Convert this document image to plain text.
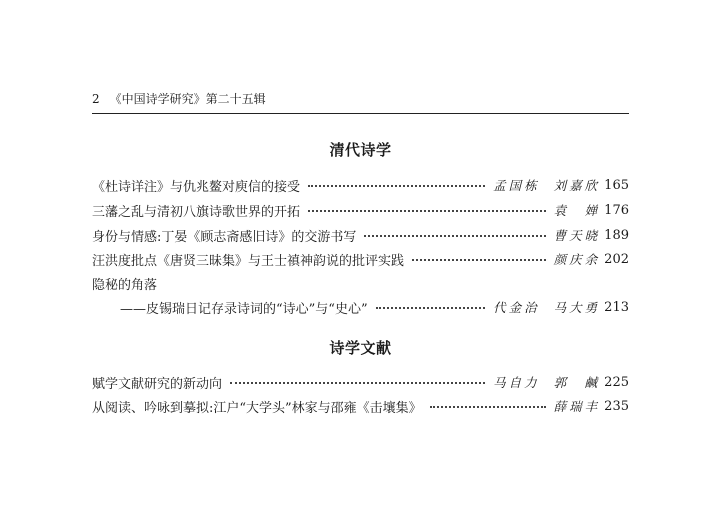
2 《中国诗学研究》第二十五辑
清代诗学
《杜诗详注》与仇兆鳌对庾信的接受	孟国栋 刘嘉欣 165
三藩之乱与清初八旗诗歌世界的开拓	袁　婵 176
身份与情感:丁晏《顾志斋感旧诗》的交游书写	曹天晓 189
汪洪度批点《唐贤三昧集》与王士禛神韵说的批评实践	颜庆余 202
隐秘的角落
——皮锡瑞日记存录诗词的“诗心”与“史心”	代金治 马大勇 213
诗学文献
赋学文献研究的新动向	马自力 郭　鹹 225
从阅读、吟咏到摹拟:江户“大学头”林家与邵雍《击壤集》	薛瑞丰 235
